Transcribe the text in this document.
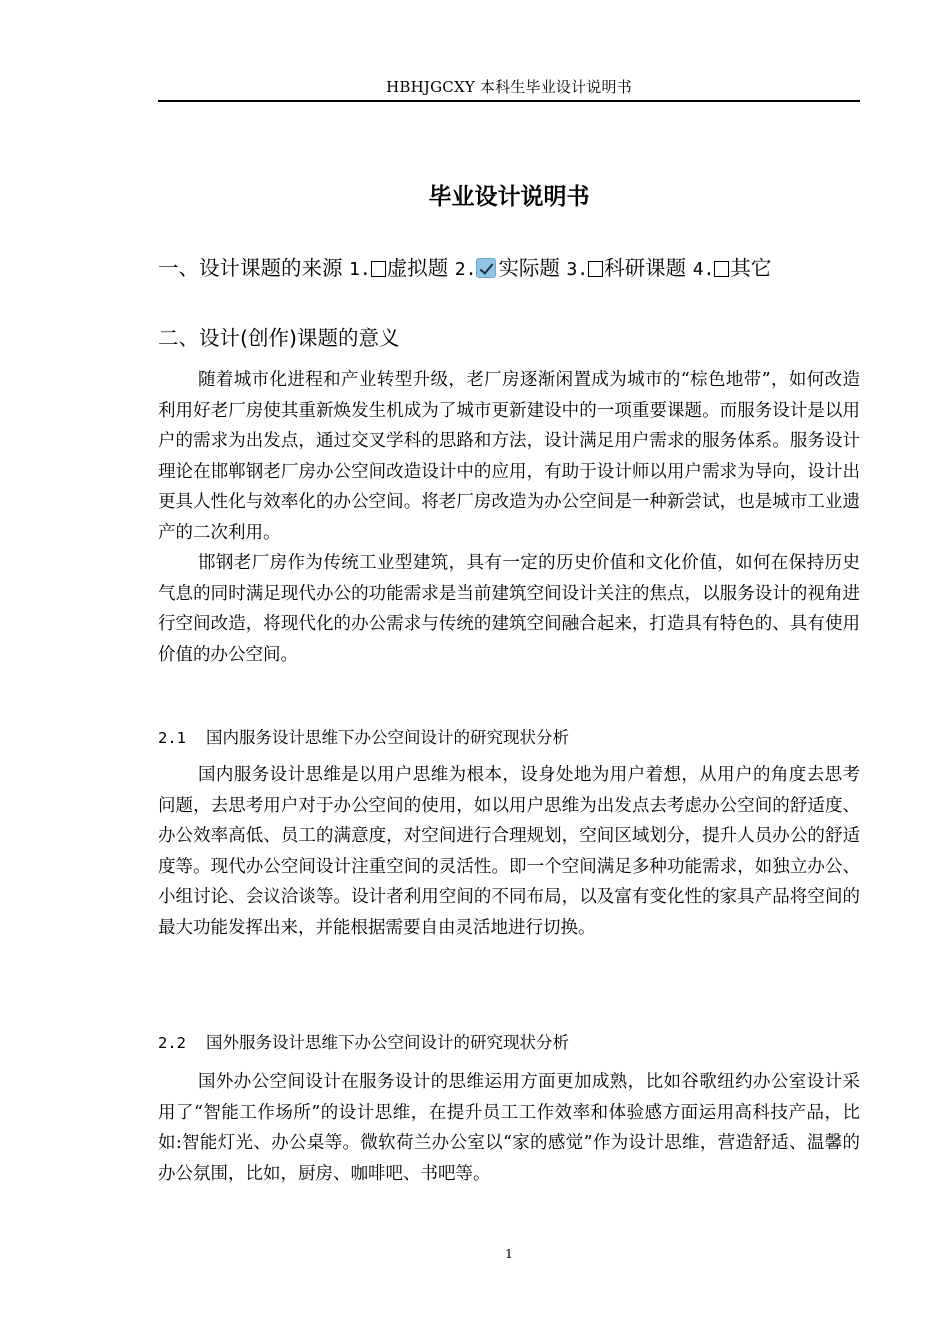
HBHJGCXY 本科生毕业设计说明书
毕业设计说明书
一、设计课题的来源 1. 虚拟题 2. 实际题 3. 科研课题 4. 其它
二、设计(创作)课题的意义

随着城市化进程和产业转型升级，老厂房逐渐闲置成为城市的“棕色地带”，如何改造利用好老厂房使其重新焕发生机成为了城市更新建设中的一项重要课题。而服务设计是以用户的需求为出发点，通过交叉学科的思路和方法，设计满足用户需求的服务体系。服务设计理论在邯郸钢老厂房办公空间改造设计中的应用，有助于设计师以用户需求为导向，设计出更具人性化与效率化的办公空间。将老厂房改造为办公空间是一种新尝试，也是城市工业遗产的二次利用。

邯钢老厂房作为传统工业型建筑，具有一定的历史价值和文化价值，如何在保持历史气息的同时满足现代办公的功能需求是当前建筑空间设计关注的焦点，以服务设计的视角进行空间改造，将现代化的办公需求与传统的建筑空间融合起来，打造具有特色的、具有使用价值的办公空间。

2.1 国内服务设计思维下办公空间设计的研究现状分析

国内服务设计思维是以用户思维为根本，设身处地为用户着想，从用户的角度去思考问题，去思考用户对于办公空间的使用，如以用户思维为出发点去考虑办公空间的舒适度、办公效率高低、员工的满意度，对空间进行合理规划，空间区域划分，提升人员办公的舒适度等。现代办公空间设计注重空间的灵活性。即一个空间满足多种功能需求，如独立办公、小组讨论、会议洽谈等。设计者利用空间的不同布局，以及富有变化性的家具产品将空间的最大功能发挥出来，并能根据需要自由灵活地进行切换。

2.2 国外服务设计思维下办公空间设计的研究现状分析

国外办公空间设计在服务设计的思维运用方面更加成熟，比如谷歌纽约办公室设计采用了“智能工作场所”的设计思维，在提升员工工作效率和体验感方面运用高科技产品，比如:智能灯光、办公桌等。微软荷兰办公室以“家的感觉”作为设计思维，营造舒适、温馨的办公氛围，比如，厨房、咖啡吧、书吧等。

1
